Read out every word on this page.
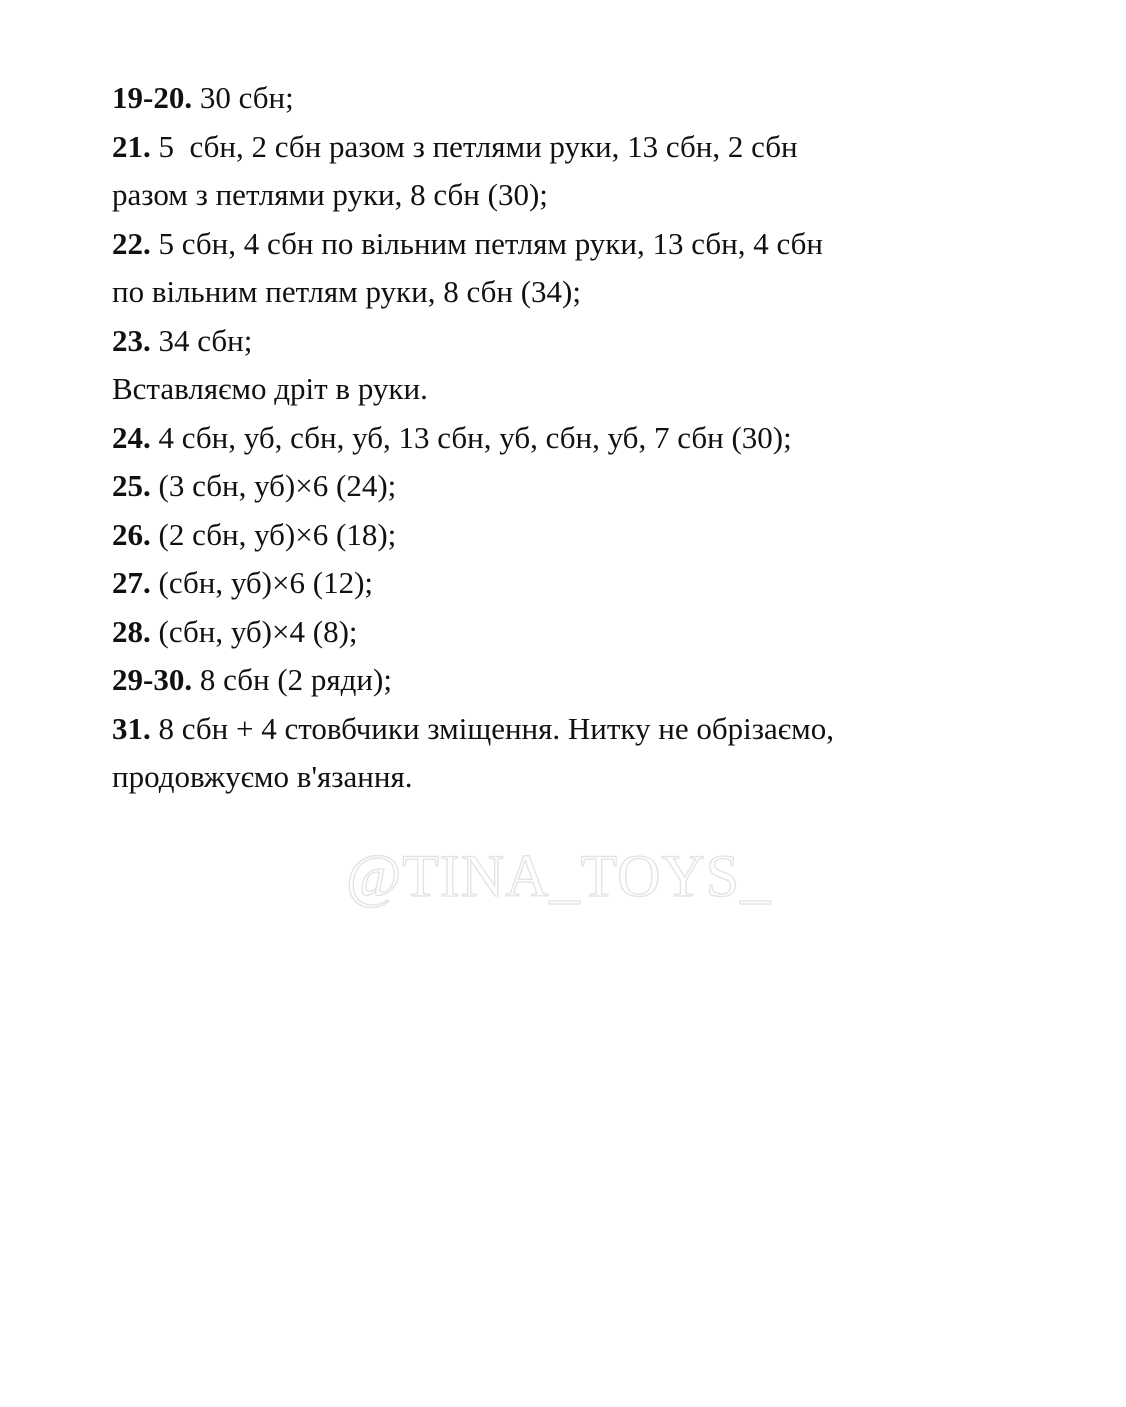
19-20. 30 сбн;
21. 5  сбн, 2 сбн разом з петлями руки, 13 сбн, 2 сбн
разом з петлями руки, 8 сбн (30);
22. 5 сбн, 4 сбн по вільним петлям руки, 13 сбн, 4 сбн
по вільним петлям руки, 8 сбн (34);
23. 34 сбн;
Вставляємо дріт в руки.
24. 4 сбн, уб, сбн, уб, 13 сбн, уб, сбн, уб, 7 сбн (30);
25. (3 сбн, уб)×6 (24);
26. (2 сбн, уб)×6 (18);
27. (сбн, уб)×6 (12);
28. (сбн, уб)×4 (8);
29-30. 8 сбн (2 ряди);
31. 8 сбн + 4 стовбчики зміщення. Нитку не обрізаємо,
продовжуємо в'язання.
@TINA_TOYS_
